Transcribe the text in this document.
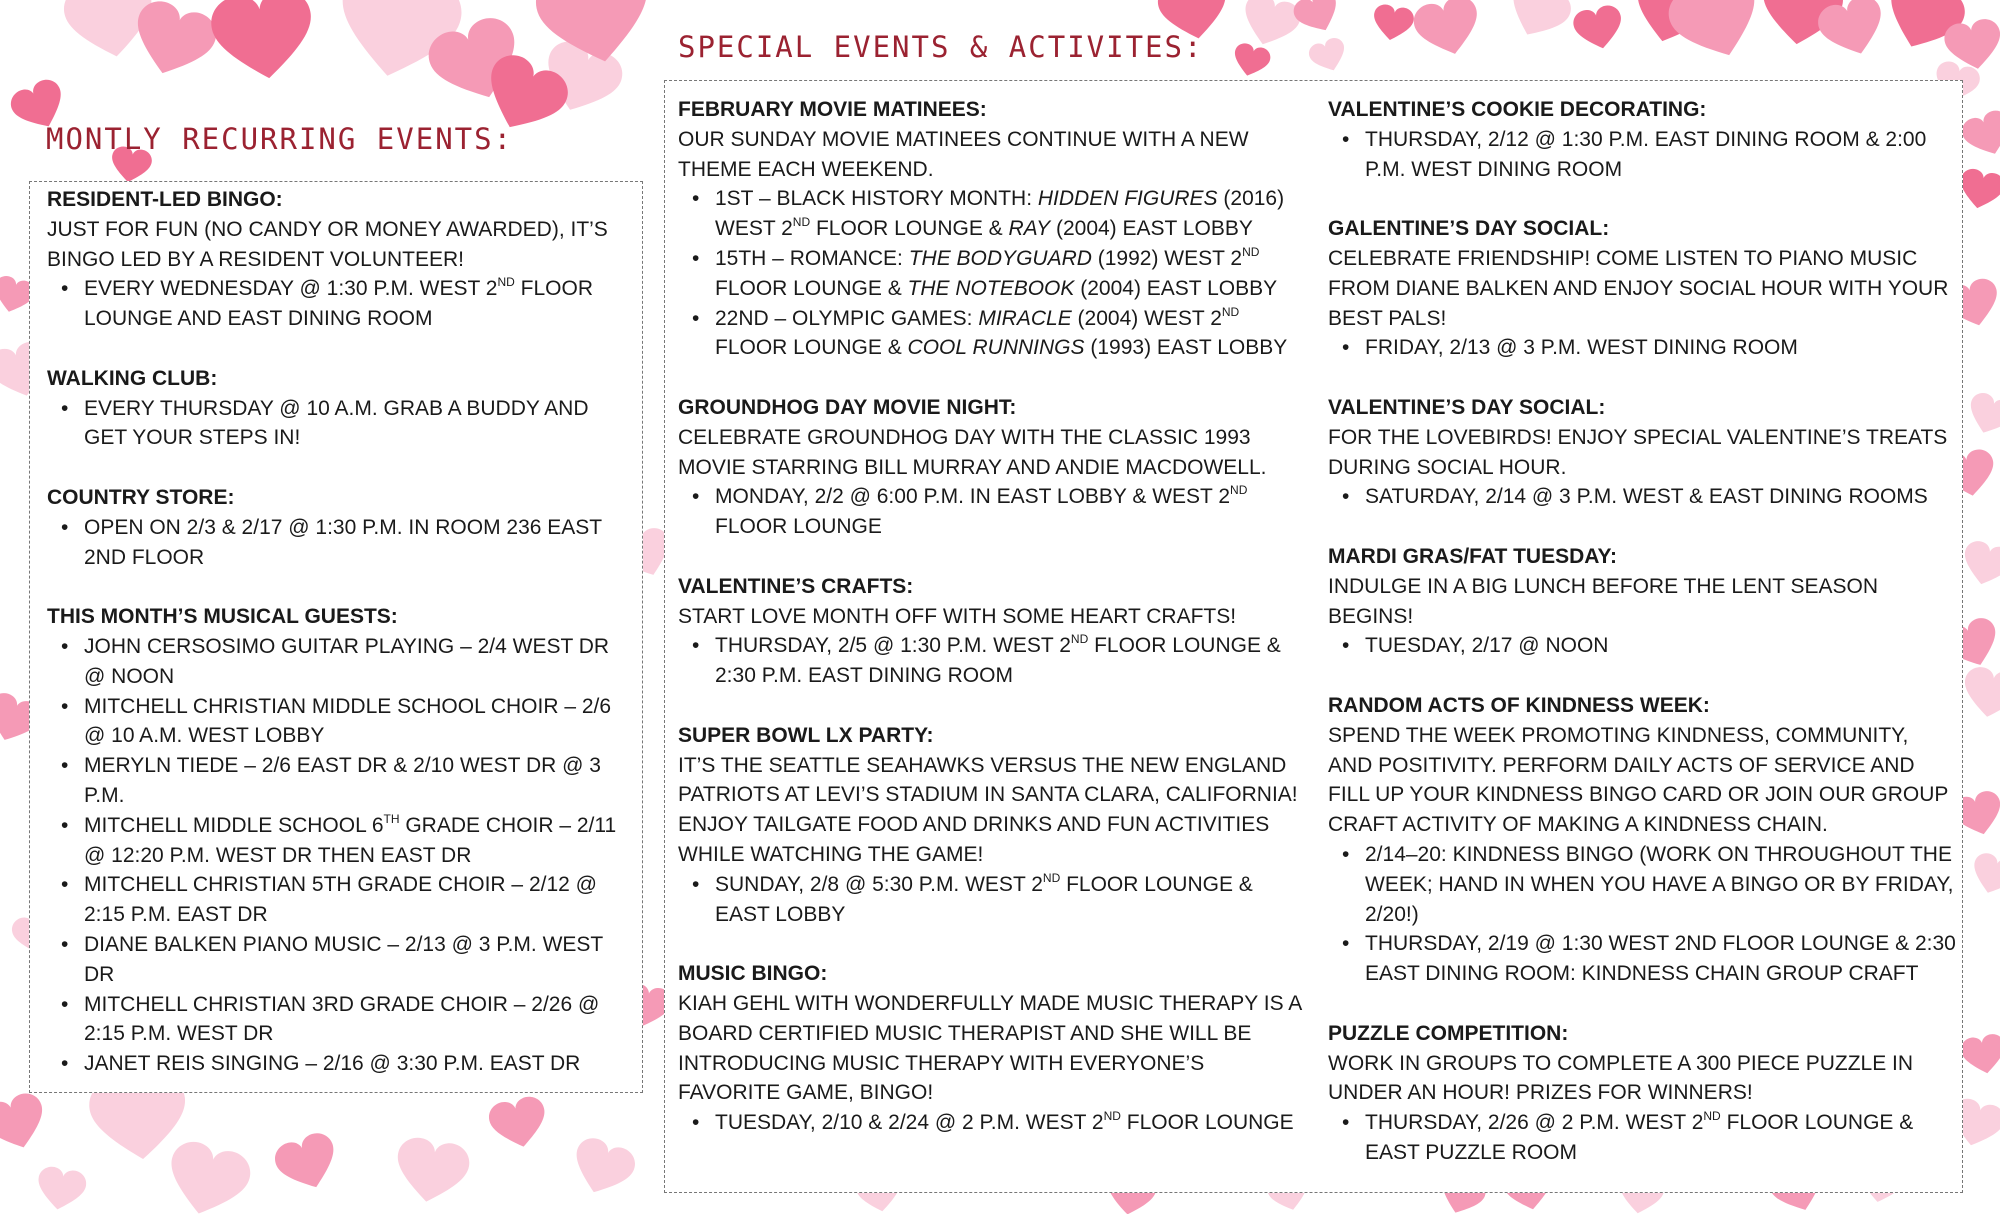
MONTLY RECURRING EVENTS:
SPECIAL EVENTS & ACTIVITES:

RESIDENT-LED BINGO:

JUST FOR FUN (NO CANDY OR MONEY AWARDED), IT’S BINGO LED BY A RESIDENT VOLUNTEER!

• EVERY WEDNESDAY @ 1:30 P.M. WEST 2ND FLOOR LOUNGE AND EAST DINING ROOM

WALKING CLUB:

• EVERY THURSDAY @ 10 A.M. GRAB A BUDDY AND GET YOUR STEPS IN!

COUNTRY STORE:

• OPEN ON 2/3 & 2/17 @ 1:30 P.M. IN ROOM 236 EAST 2ND FLOOR

THIS MONTH’S MUSICAL GUESTS:

• JOHN CERSOSIMO GUITAR PLAYING – 2/4 WEST DR @ NOON
• MITCHELL CHRISTIAN MIDDLE SCHOOL CHOIR – 2/6 @ 10 A.M. WEST LOBBY
• MERYLN TIEDE – 2/6 EAST DR & 2/10 WEST DR @ 3 P.M.
• MITCHELL MIDDLE SCHOOL 6TH GRADE CHOIR – 2/11 @ 12:20 P.M. WEST DR THEN EAST DR
• MITCHELL CHRISTIAN 5TH GRADE CHOIR – 2/12 @ 2:15 P.M. EAST DR
• DIANE BALKEN PIANO MUSIC – 2/13 @ 3 P.M. WEST DR
• MITCHELL CHRISTIAN 3RD GRADE CHOIR – 2/26 @ 2:15 P.M. WEST DR
• JANET REIS SINGING – 2/16 @ 3:30 P.M. EAST DR

FEBRUARY MOVIE MATINEES:

OUR SUNDAY MOVIE MATINEES CONTINUE WITH A NEW THEME EACH WEEKEND.

• 1ST – BLACK HISTORY MONTH: HIDDEN FIGURES (2016) WEST 2ND FLOOR LOUNGE & RAY (2004) EAST LOBBY
• 15TH – ROMANCE: THE BODYGUARD (1992) WEST 2ND FLOOR LOUNGE & THE NOTEBOOK (2004) EAST LOBBY
• 22ND – OLYMPIC GAMES: MIRACLE (2004) WEST 2ND FLOOR LOUNGE & COOL RUNNINGS (1993) EAST LOBBY

GROUNDHOG DAY MOVIE NIGHT:

CELEBRATE GROUNDHOG DAY WITH THE CLASSIC 1993 MOVIE STARRING BILL MURRAY AND ANDIE MACDOWELL.

• MONDAY, 2/2 @ 6:00 P.M. IN EAST LOBBY & WEST 2ND FLOOR LOUNGE

VALENTINE’S CRAFTS:

START LOVE MONTH OFF WITH SOME HEART CRAFTS!

• THURSDAY, 2/5 @ 1:30 P.M. WEST 2ND FLOOR LOUNGE & 2:30 P.M. EAST DINING ROOM

SUPER BOWL LX PARTY:

IT’S THE SEATTLE SEAHAWKS VERSUS THE NEW ENGLAND PATRIOTS AT LEVI’S STADIUM IN SANTA CLARA, CALIFORNIA! ENJOY TAILGATE FOOD AND DRINKS AND FUN ACTIVITIES WHILE WATCHING THE GAME!

• SUNDAY, 2/8 @ 5:30 P.M. WEST 2ND FLOOR LOUNGE & EAST LOBBY

MUSIC BINGO:

KIAH GEHL WITH WONDERFULLY MADE MUSIC THERAPY IS A BOARD CERTIFIED MUSIC THERAPIST AND SHE WILL BE INTRODUCING MUSIC THERAPY WITH EVERYONE’S FAVORITE GAME, BINGO!

• TUESDAY, 2/10 & 2/24 @ 2 P.M. WEST 2ND FLOOR LOUNGE

VALENTINE’S COOKIE DECORATING:

• THURSDAY, 2/12 @ 1:30 P.M. EAST DINING ROOM & 2:00 P.M. WEST DINING ROOM

GALENTINE’S DAY SOCIAL:

CELEBRATE FRIENDSHIP! COME LISTEN TO PIANO MUSIC FROM DIANE BALKEN AND ENJOY SOCIAL HOUR WITH YOUR BEST PALS!

• FRIDAY, 2/13 @ 3 P.M. WEST DINING ROOM

VALENTINE’S DAY SOCIAL:

FOR THE LOVEBIRDS! ENJOY SPECIAL VALENTINE’S TREATS DURING SOCIAL HOUR.

• SATURDAY, 2/14 @ 3 P.M. WEST & EAST DINING ROOMS

MARDI GRAS/FAT TUESDAY:

INDULGE IN A BIG LUNCH BEFORE THE LENT SEASON BEGINS!

• TUESDAY, 2/17 @ NOON

RANDOM ACTS OF KINDNESS WEEK:

SPEND THE WEEK PROMOTING KINDNESS, COMMUNITY, AND POSITIVITY. PERFORM DAILY ACTS OF SERVICE AND FILL UP YOUR KINDNESS BINGO CARD OR JOIN OUR GROUP CRAFT ACTIVITY OF MAKING A KINDNESS CHAIN.

• 2/14–20: KINDNESS BINGO (WORK ON THROUGHOUT THE WEEK; HAND IN WHEN YOU HAVE A BINGO OR BY FRIDAY, 2/20!)
• THURSDAY, 2/19 @ 1:30 WEST 2ND FLOOR LOUNGE & 2:30 EAST DINING ROOM: KINDNESS CHAIN GROUP CRAFT

PUZZLE COMPETITION:

WORK IN GROUPS TO COMPLETE A 300 PIECE PUZZLE IN UNDER AN HOUR! PRIZES FOR WINNERS!

• THURSDAY, 2/26 @ 2 P.M. WEST 2ND FLOOR LOUNGE & EAST PUZZLE ROOM
